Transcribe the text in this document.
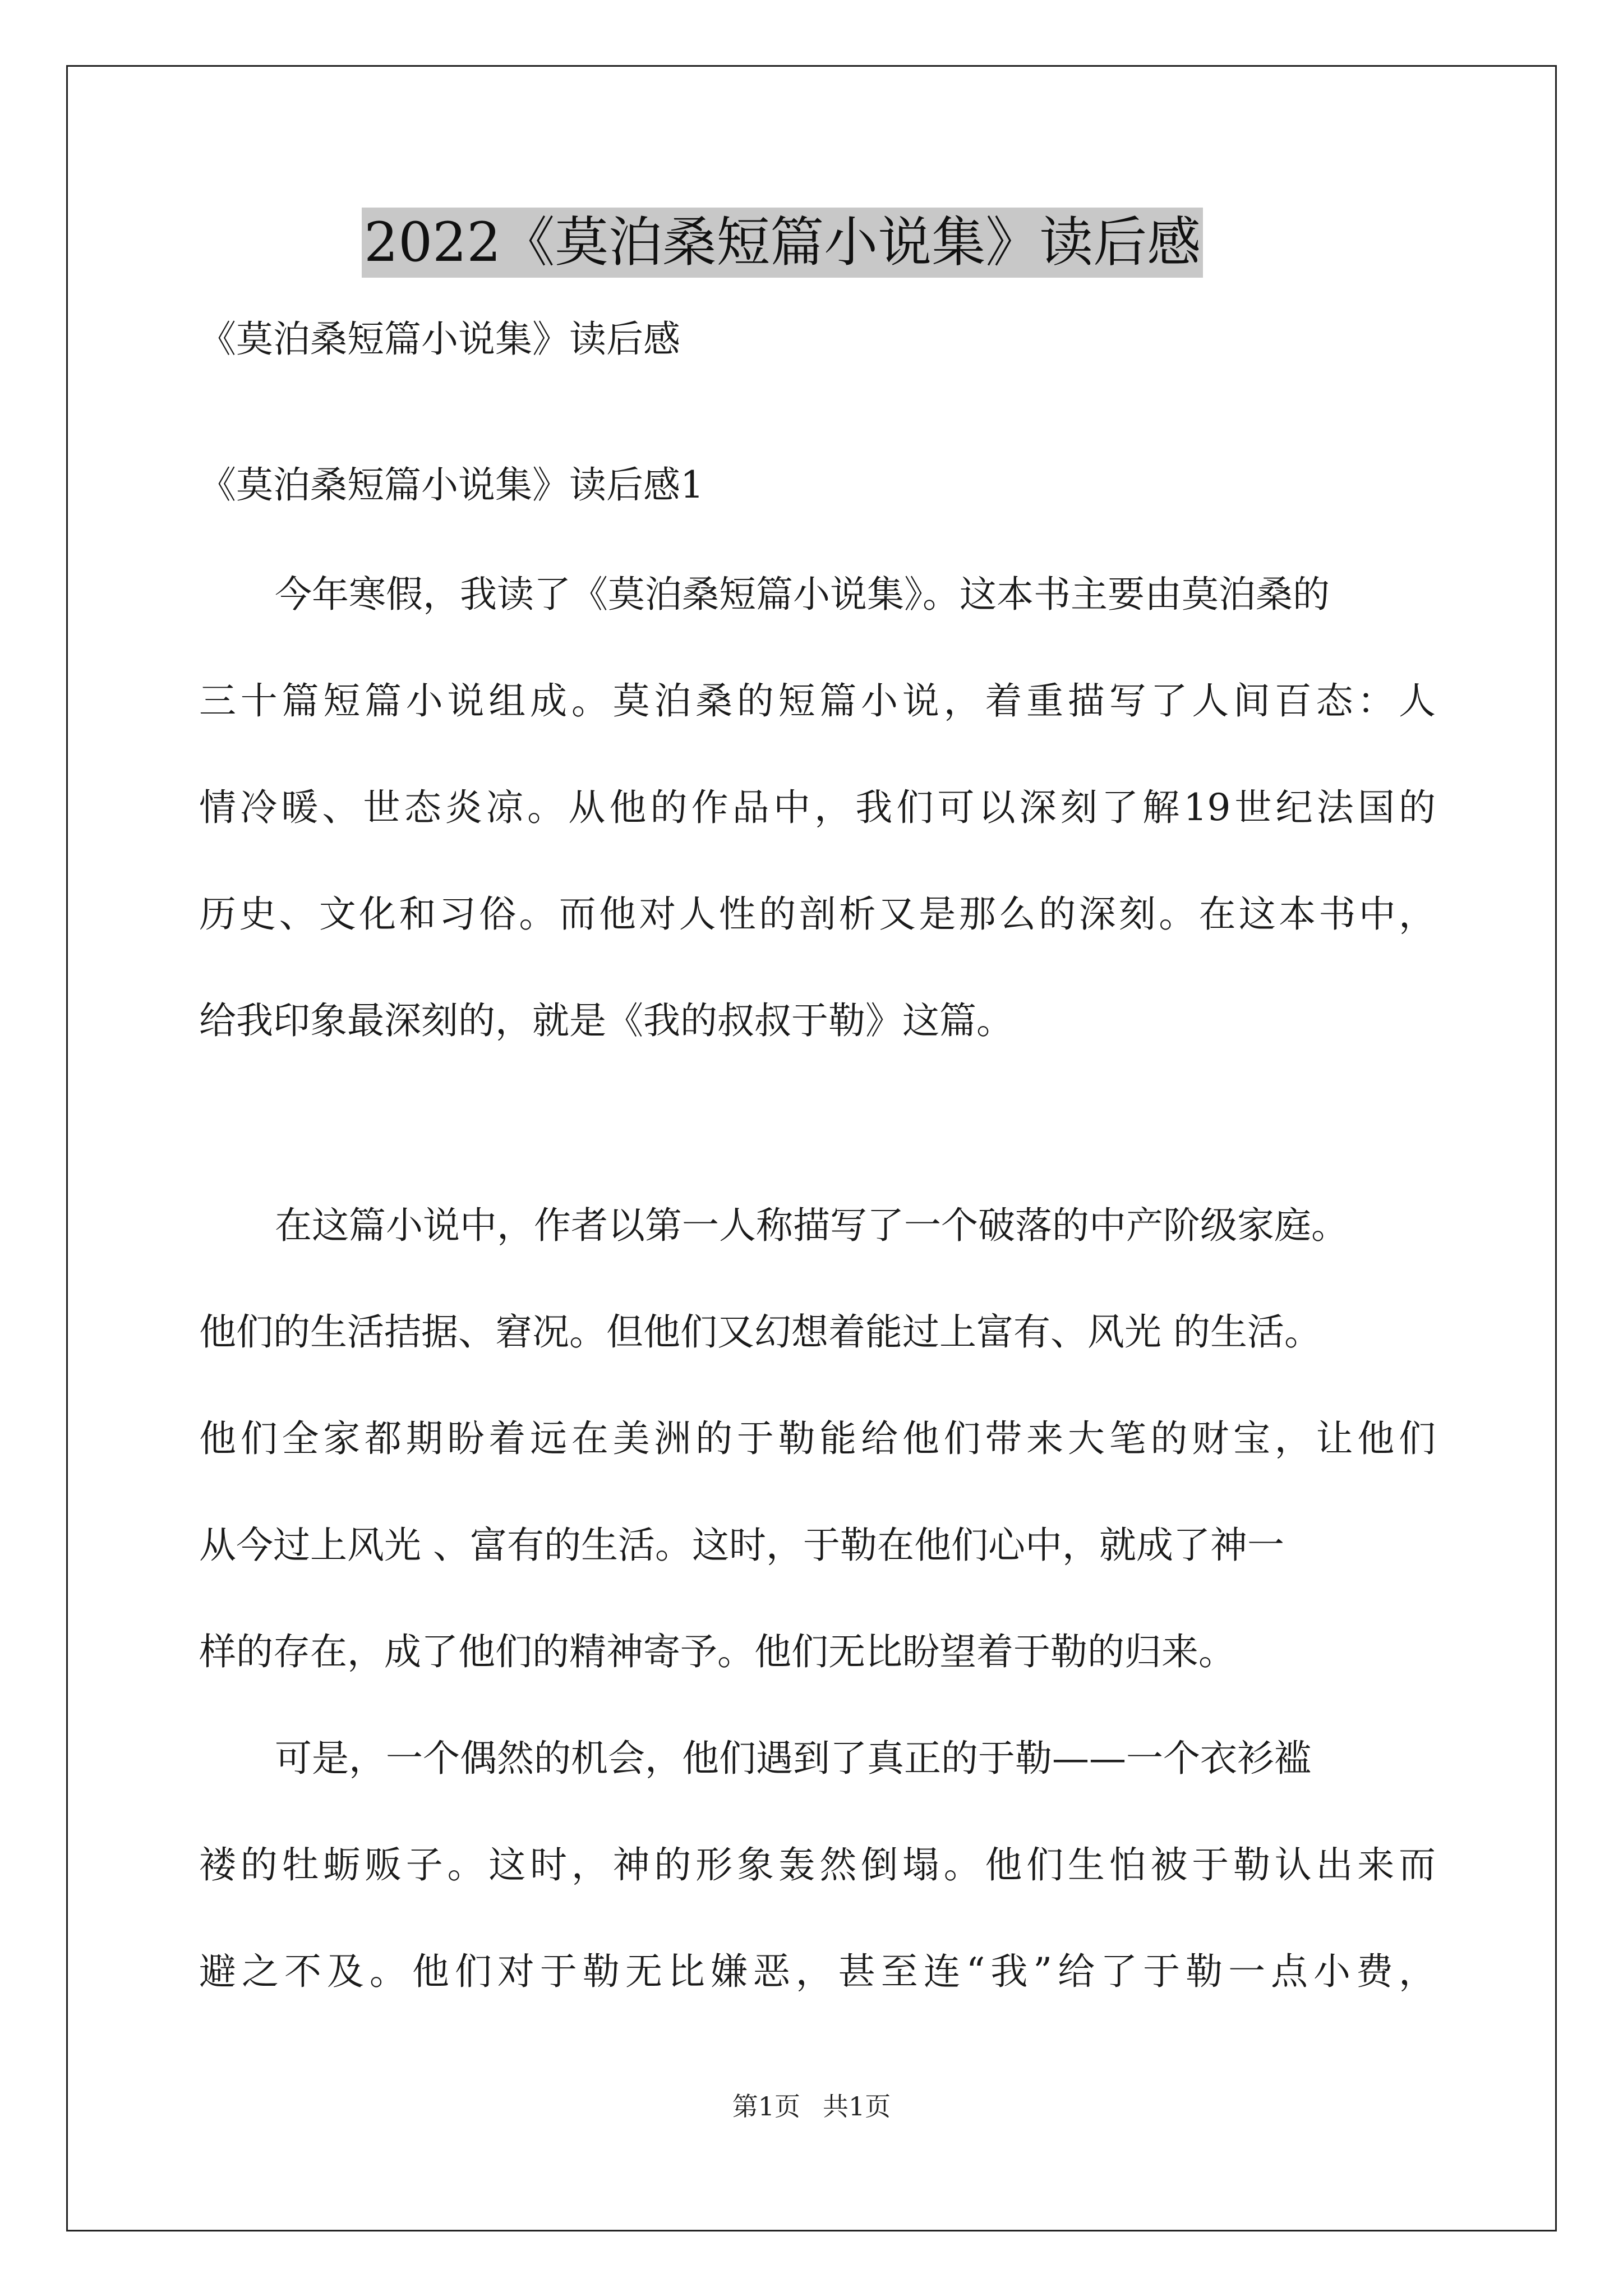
2022《莫泊桑短篇小说集》读后感
《莫泊桑短篇小说集》读后感
《莫泊桑短篇小说集》读后感1
今年寒假，我读了《莫泊桑短篇小说集》。这本书主要由莫泊桑的
三十篇短篇小说组成。莫泊桑的短篇小说，着重描写了人间百态：人
情冷暖、世态炎凉。从他的作品中，我们可以深刻了解19世纪法国的
历史、文化和习俗。而他对人性的剖析又是那么的深刻。在这本书中，
给我印象最深刻的，就是《我的叔叔于勒》这篇。
在这篇小说中，作者以第一人称描写了一个破落的中产阶级家庭。
他们的生活拮据、窘况。但他们又幻想着能过上富有、风光 的生活。
他们全家都期盼着远在美洲的于勒能给他们带来大笔的财宝，让他们
从今过上风光 、富有的生活。这时，于勒在他们心中，就成了神一
样的存在，成了他们的精神寄予。他们无比盼望着于勒的归来。
可是，一个偶然的机会，他们遇到了真正的于勒——一个衣衫褴
褛的牡蛎贩子。这时，神的形象轰然倒塌。他们生怕被于勒认出来而
避之不及。他们对于勒无比嫌恶，甚至连“我”给了于勒一点小费，
第1页 共1页
